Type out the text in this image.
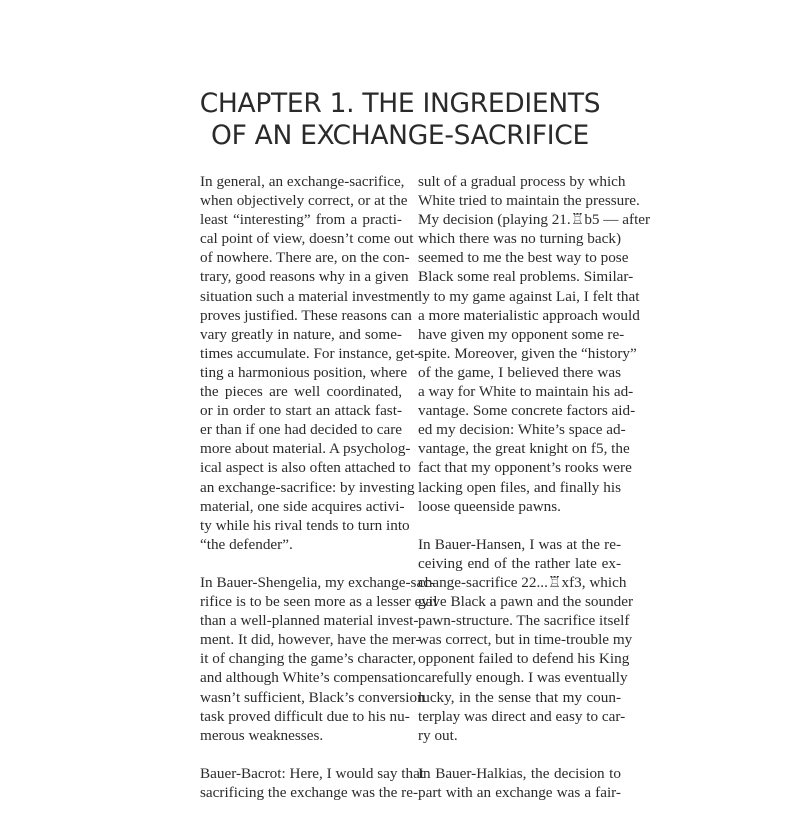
CHAPTER 1. THE INGREDIENTS
OF AN EXCHANGE-SACRIFICE

In general, an exchange-sacrifice,
when objectively correct, or at the
least “interesting” from a practi-
cal point of view, doesn’t come out
of nowhere. There are, on the con-
trary, good reasons why in a given
situation such a material investment
proves justified. These reasons can
vary greatly in nature, and some-
times accumulate. For instance, get-
ting a harmonious position, where
the pieces are well coordinated,
or in order to start an attack fast-
er than if one had decided to care
more about material. A psycholog-
ical aspect is also often attached to
an exchange-sacrifice: by investing
material, one side acquires activi-
ty while his rival tends to turn into
“the defender”.

In Bauer-Shengelia, my exchange-sac-
rifice is to be seen more as a lesser evil
than a well-planned material invest-
ment. It did, however, have the mer-
it of changing the game’s character,
and although White’s compensation
wasn’t sufficient, Black’s conversion
task proved difficult due to his nu-
merous weaknesses.

Bauer-Bacrot: Here, I would say that
sacrificing the exchange was the re-

sult of a gradual process by which
White tried to maintain the pressure.
My decision (playing 21.♖b5 — after
which there was no turning back)
seemed to me the best way to pose
Black some real problems. Similar-
ly to my game against Lai, I felt that
a more materialistic approach would
have given my opponent some re-
spite. Moreover, given the “history”
of the game, I believed there was
a way for White to maintain his ad-
vantage. Some concrete factors aid-
ed my decision: White’s space ad-
vantage, the great knight on f5, the
fact that my opponent’s rooks were
lacking open files, and finally his
loose queenside pawns.

In Bauer-Hansen, I was at the re-
ceiving end of the rather late ex-
change-sacrifice 22...♖xf3, which
gave Black a pawn and the sounder
pawn-structure. The sacrifice itself
was correct, but in time-trouble my
opponent failed to defend his King
carefully enough. I was eventually
lucky, in the sense that my coun-
terplay was direct and easy to car-
ry out.

In Bauer-Halkias, the decision to
part with an exchange was a fair-
